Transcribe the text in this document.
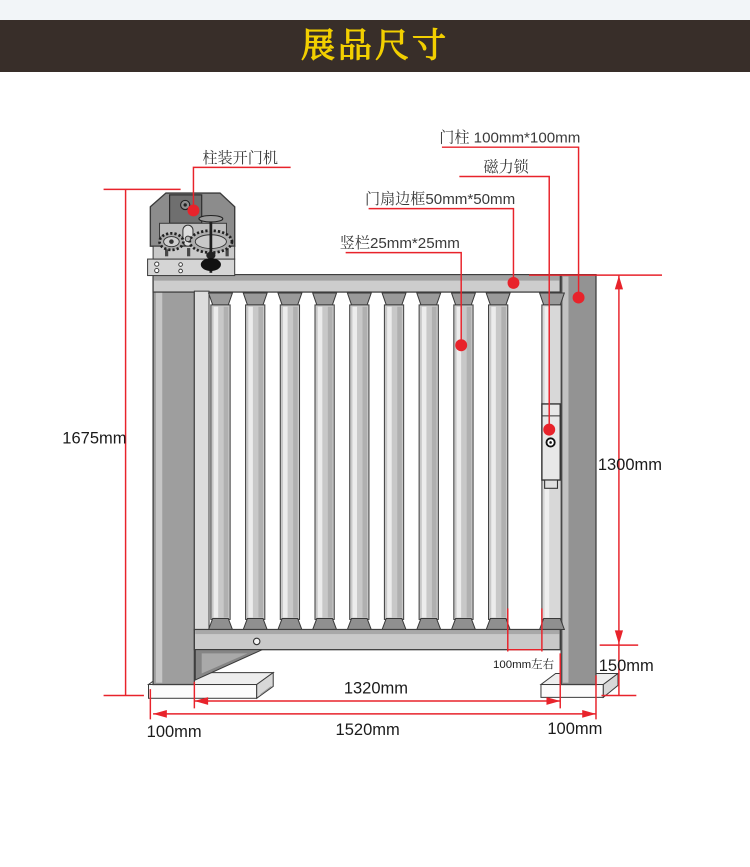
展品尺寸
柱装开门机
门柱 100mm*100mm
磁力锁
门扇边框50mm*50mm
竖栏25mm*25mm
1675mm
1300mm
150mm
100mm左右
1320mm
1520mm
100mm	100mm
